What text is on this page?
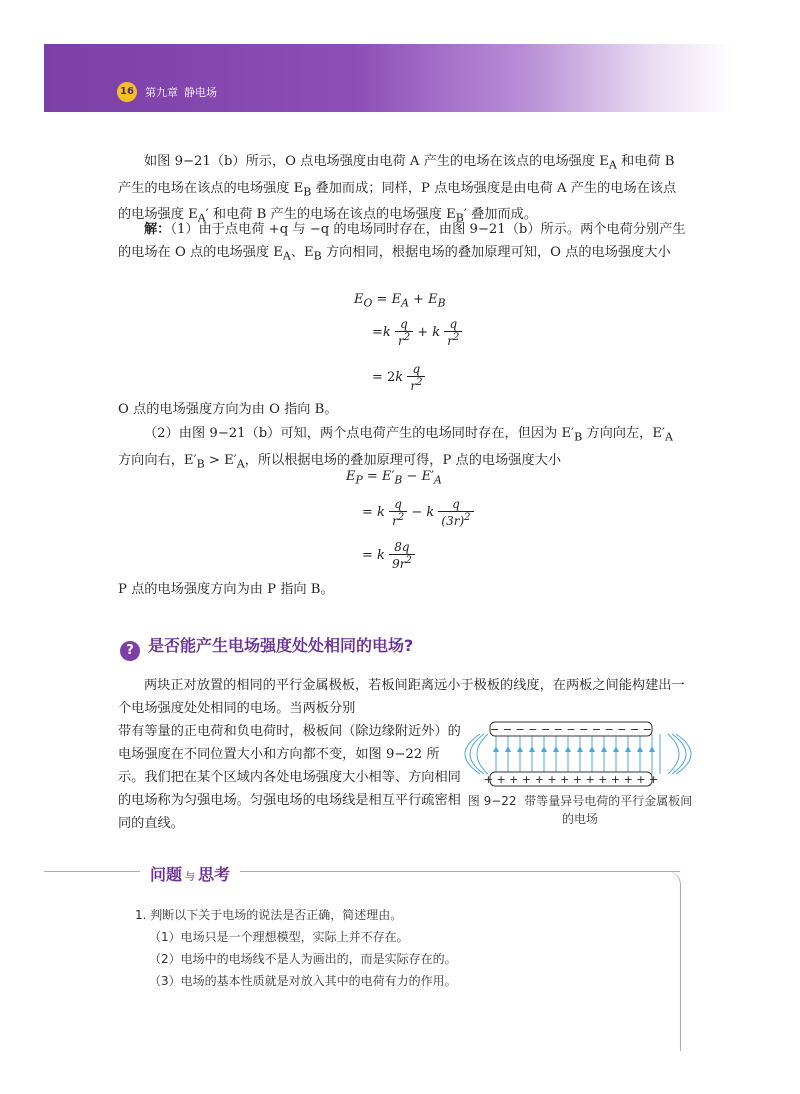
16 第九章 静电场

如图 9−21（b）所示，O 点电场强度由电荷 A 产生的电场在该点的电场强度 $E_A$ 和电荷 B 产生的电场在该点的电场强度 $E_B$ 叠加而成；同样，P 点电场强度是由电荷 A 产生的电场在该点的电场强度 $E_A'$ 和电荷 B 产生的电场在该点的电场强度 $E_B'$ 叠加而成。

解：（1）由于点电荷 +q 与 −q 的电场同时存在，由图 9−21（b）所示。两个电荷分别产生的电场在 O 点的电场强度 $E_A$、$E_B$ 方向相同，根据电场的叠加原理可知，O 点的电场强度大小

$E_O = E_A + E_B$
$=k \frac{q}{r^2} + k \frac{q}{r^2}$
= $2k \frac{q}{r^2}$

O 点的电场强度方向为由 O 指向 B。

（2）由图 9−21（b）可知，两个点电荷产生的电场同时存在，但因为 $E'_B$ 方向向左，$E'_A$ 方向向右，$E'_B > E'_A$，所以根据电场的叠加原理可得，P 点的电场强度大小

$E_P = E'_B - E'_A$
= k $\frac{q}{r^2} - k \frac{q}{(3r)^2}$
= k $\frac{8q}{9r^2}$

P 点的电场强度方向为由 P 指向 B。

? 是否能产生电场强度处处相同的电场?

两块正对放置的相同的平行金属极板，若板间距离远小于极板的线度，在两板之间能构建出一个电场强度处处相同的电场。当两板分别

带有等量的正电荷和负电荷时，极板间（除边缘附近外）的电场强度在不同位置大小和方向都不变，如图 9−22 所示。我们把在某个区域内各处电场强度大小相等、方向相同的电场称为匀强电场。匀强电场的电场线是相互平行疏密相同的直线。

− − − − − − − − − − − − −
+ + + + + + + + + + + + + +
图 9−22 带等量异号电荷的平行金属板间的电场
问题 与 思考
1. 判断以下关于电场的说法是否正确，简述理由。
（1）电场只是一个理想模型，实际上并不存在。
（2）电场中的电场线不是人为画出的，而是实际存在的。
（3）电场的基本性质就是对放入其中的电荷有力的作用。
